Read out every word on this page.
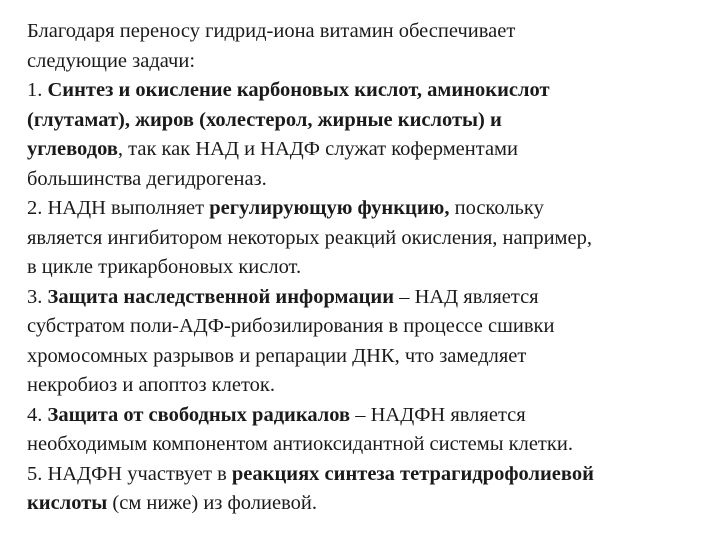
Благодаря переносу гидрид-иона витамин обеспечивает
следующие задачи:
1. Синтез и окисление карбоновых кислот, аминокислот
(глутамат), жиров (холестерол, жирные кислоты) и
углеводов, так как НАД и НАДФ служат коферментами
большинства дегидрогеназ.
2. НАДН выполняет регулирующую функцию, поскольку
является ингибитором некоторых реакций окисления, например,
в цикле трикарбоновых кислот.
3. Защита наследственной информации – НАД является
субстратом поли-АДФ-рибозилирования в процессе сшивки
хромосомных разрывов и репарации ДНК, что замедляет
некробиоз и апоптоз клеток.
4. Защита от свободных радикалов – НАДФН является
необходимым компонентом антиоксидантной системы клетки.
5. НАДФН участвует в реакциях синтеза тетрагидрофолиевой
кислоты (см ниже) из фолиевой.
